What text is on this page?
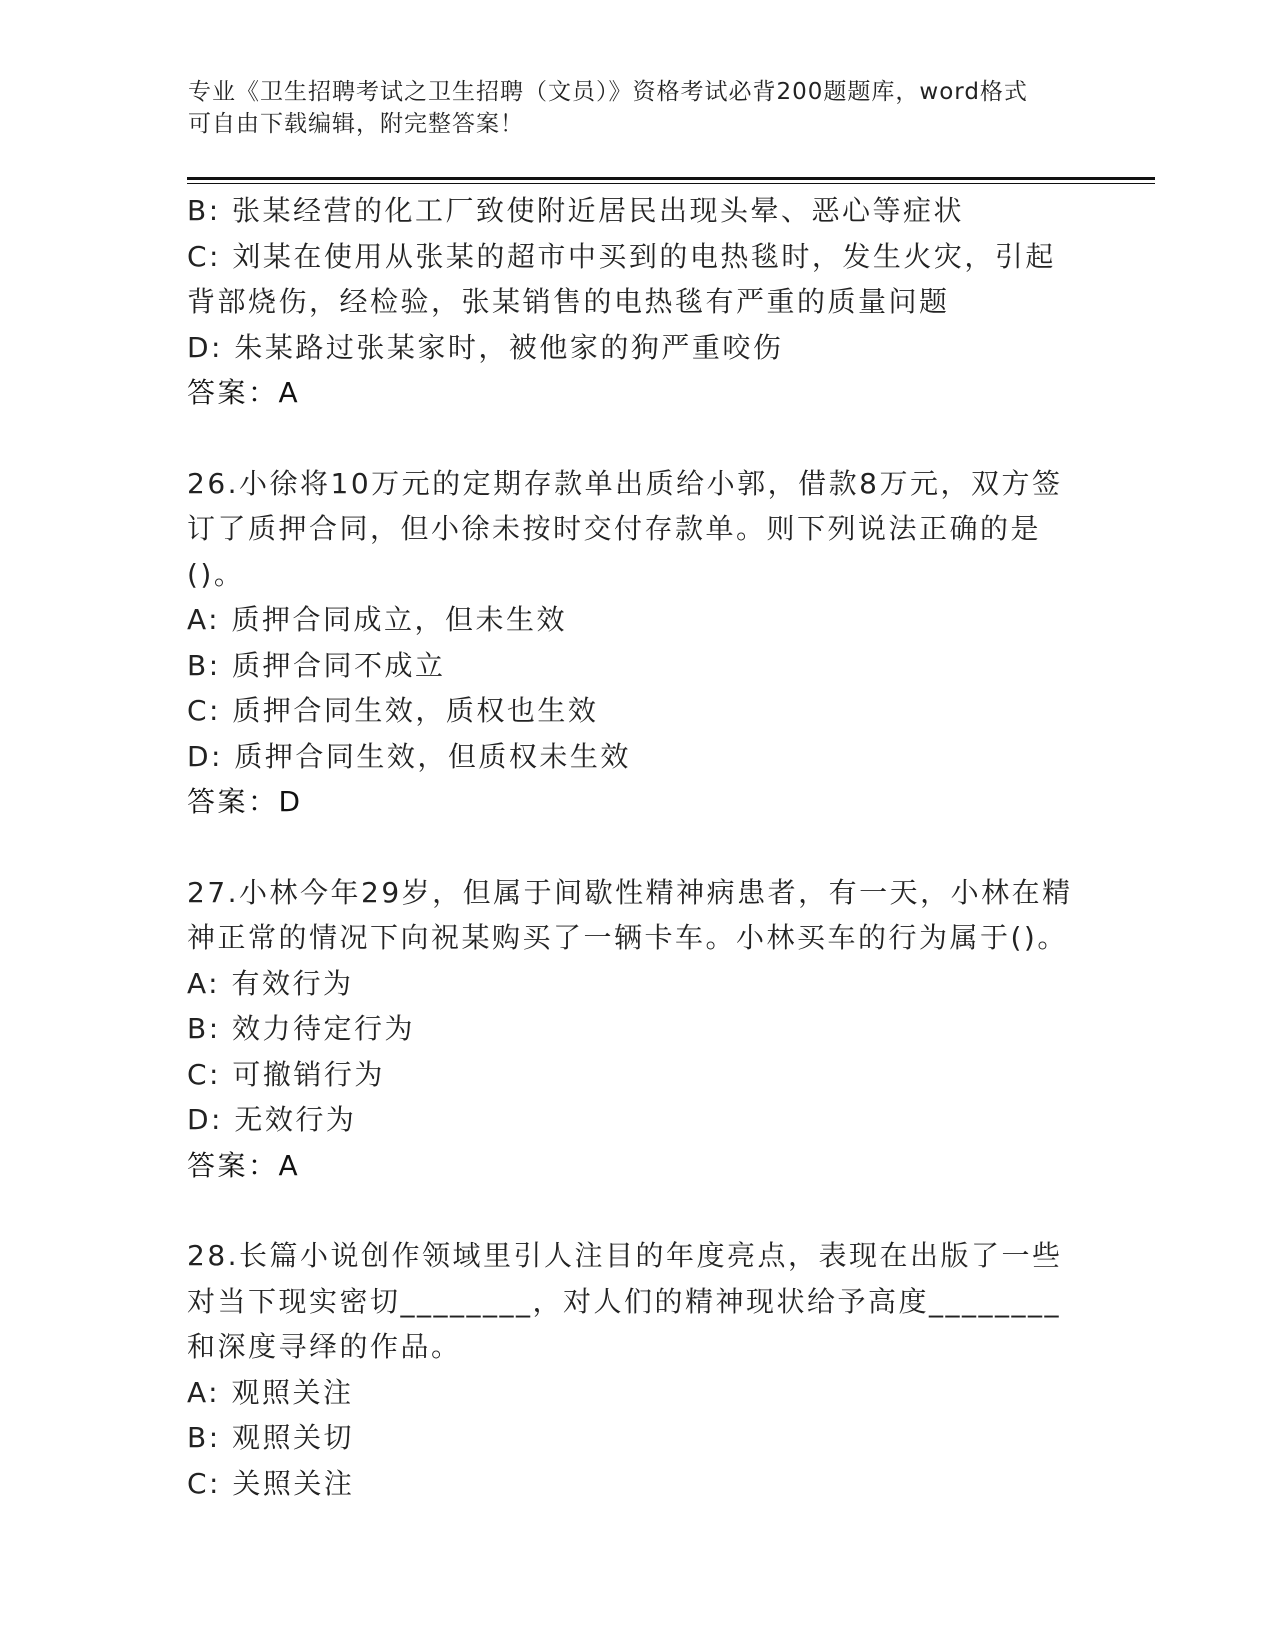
专业《卫生招聘考试之卫生招聘（文员）》资格考试必背200题题库，word格式
可自由下载编辑，附完整答案！

B: 张某经营的化工厂致使附近居民出现头晕、恶心等症状

C: 刘某在使用从张某的超市中买到的电热毯时，发生火灾，引起背部烧伤，经检验，张某销售的电热毯有严重的质量问题

D: 朱某路过张某家时，被他家的狗严重咬伤

答案：A

26.小徐将10万元的定期存款单出质给小郭，借款8万元，双方签订了质押合同，但小徐未按时交付存款单。则下列说法正确的是()。

A: 质押合同成立，但未生效

B: 质押合同不成立

C: 质押合同生效，质权也生效

D: 质押合同生效，但质权未生效

答案：D

27.小林今年29岁，但属于间歇性精神病患者，有一天，小林在精神正常的情况下向祝某购买了一辆卡车。小林买车的行为属于()。

A: 有效行为

B: 效力待定行为

C: 可撤销行为

D: 无效行为

答案：A

28.长篇小说创作领域里引人注目的年度亮点，表现在出版了一些对当下现实密切________，对人们的精神现状给予高度________和深度寻绎的作品。

A: 观照关注

B: 观照关切

C: 关照关注
